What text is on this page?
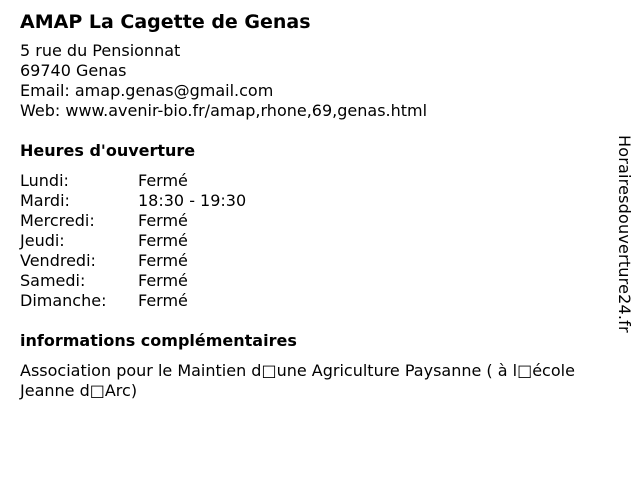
AMAP La Cagette de Genas
5 rue du Pensionnat
69740 Genas
Email: amap.genas@gmail.com
Web: www.avenir-bio.fr/amap,rhone,69,genas.html
Heures d'ouverture
Lundi:	Fermé
Mardi:	18:30 - 19:30
Mercredi:	Fermé
Jeudi:	Fermé
Vendredi:	Fermé
Samedi:	Fermé
Dimanche: Fermé
informations complémentaires
Association pour le Maintien d□une Agriculture Paysanne ( à l□école Jeanne d□Arc)
Horairesdouverture24.fr
